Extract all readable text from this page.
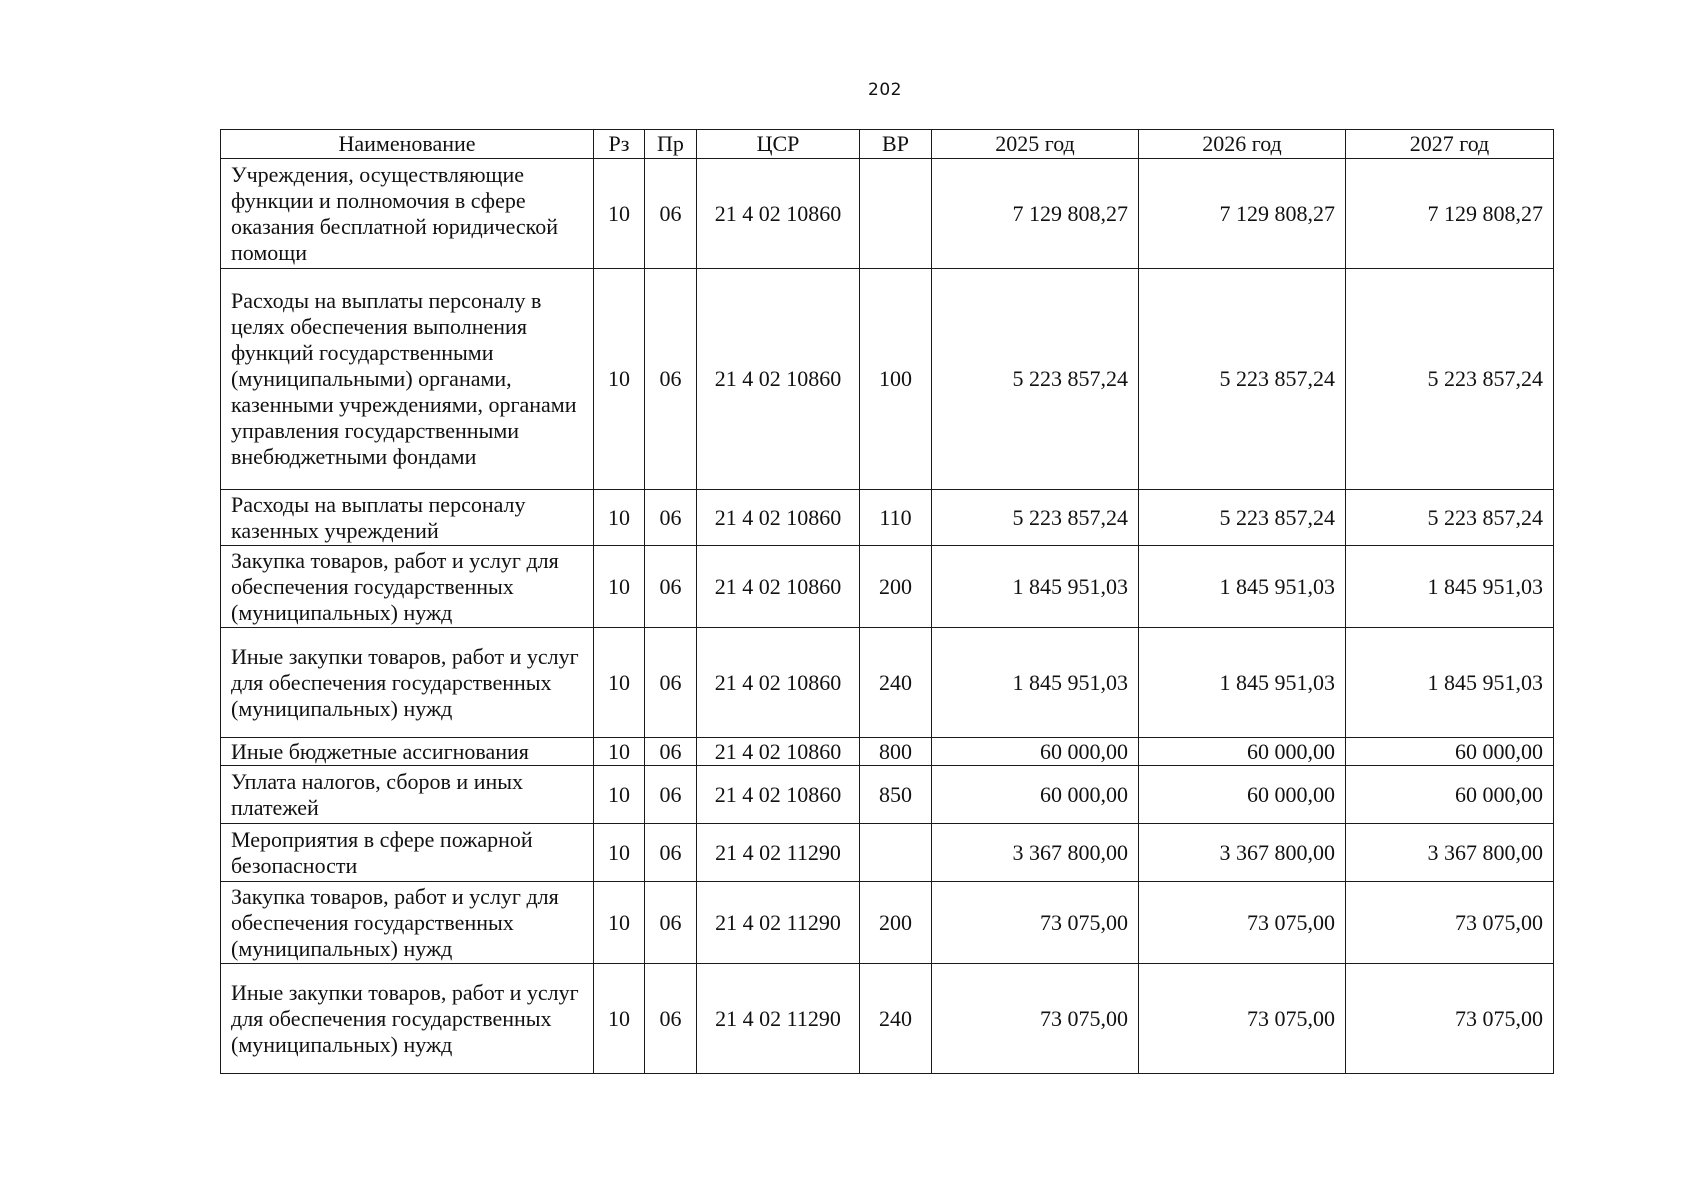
202
Наименование	Рз	Пр	ЦСР	ВР	2025 год	2026 год	2027 год
Учреждения, осуществляющие функции и полномочия в сфере оказания бесплатной юридической помощи	10	06	21 4 02 10860		7 129 808,27	7 129 808,27	7 129 808,27
Расходы на выплаты персоналу в целях обеспечения выполнения функций государственными (муниципальными) органами, казенными учреждениями, органами управления государственными внебюджетными фондами	10	06	21 4 02 10860	100	5 223 857,24	5 223 857,24	5 223 857,24
Расходы на выплаты персоналу казенных учреждений	10	06	21 4 02 10860	110	5 223 857,24	5 223 857,24	5 223 857,24
Закупка товаров, работ и услуг для обеспечения государственных (муниципальных) нужд	10	06	21 4 02 10860	200	1 845 951,03	1 845 951,03	1 845 951,03
Иные закупки товаров, работ и услуг для обеспечения государственных (муниципальных) нужд	10	06	21 4 02 10860	240	1 845 951,03	1 845 951,03	1 845 951,03
Иные бюджетные ассигнования	10	06	21 4 02 10860	800	60 000,00	60 000,00	60 000,00
Уплата налогов, сборов и иных платежей	10	06	21 4 02 10860	850	60 000,00	60 000,00	60 000,00
Мероприятия в сфере пожарной безопасности	10	06	21 4 02 11290		3 367 800,00	3 367 800,00	3 367 800,00
Закупка товаров, работ и услуг для обеспечения государственных (муниципальных) нужд	10	06	21 4 02 11290	200	73 075,00	73 075,00	73 075,00
Иные закупки товаров, работ и услуг для обеспечения государственных (муниципальных) нужд	10	06	21 4 02 11290	240	73 075,00	73 075,00	73 075,00
